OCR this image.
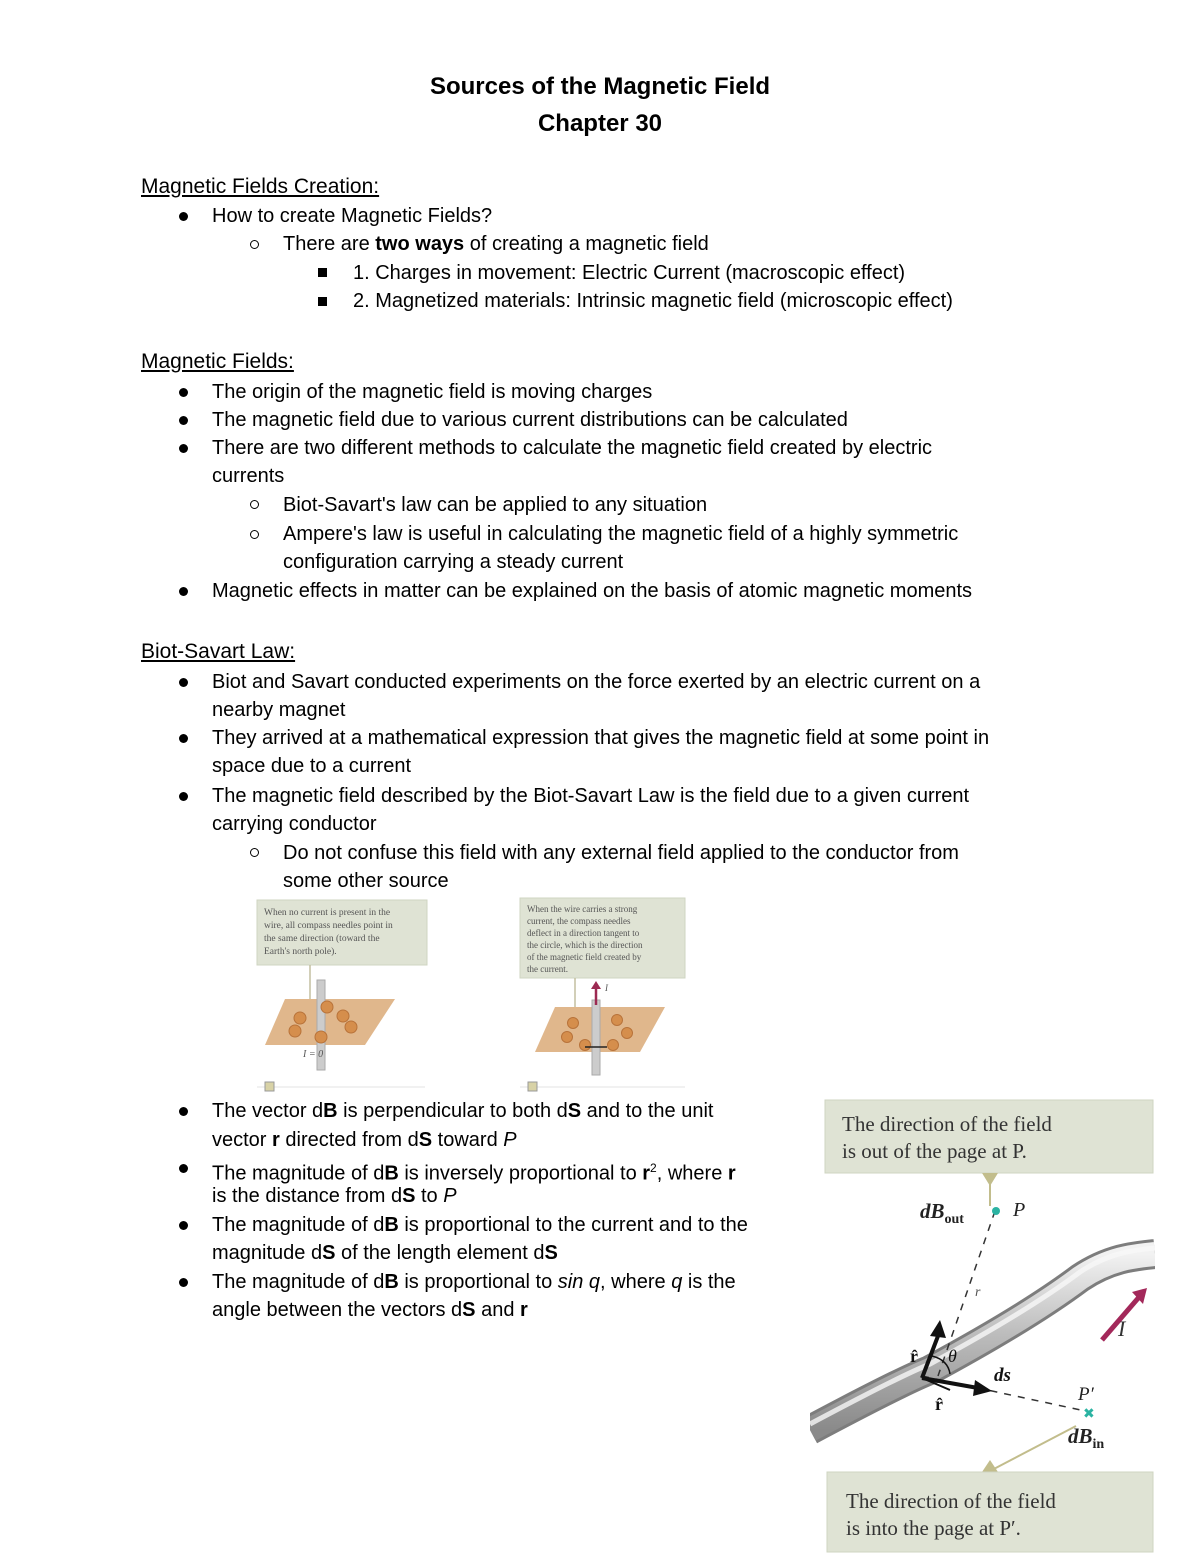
Sources of the Magnetic Field
Chapter 30
Magnetic Fields Creation:
How to create Magnetic Fields?
There are two ways of creating a magnetic field
1. Charges in movement: Electric Current (macroscopic effect)
2. Magnetized materials: Intrinsic magnetic field (microscopic effect)
Magnetic Fields:
The origin of the magnetic field is moving charges
The magnetic field due to various current distributions can be calculated
There are two different methods to calculate the magnetic field created by electric
currents
Biot-Savart's law can be applied to any situation
Ampere's law is useful in calculating the magnetic field of a highly symmetric
configuration carrying a steady current
Magnetic effects in matter can be explained on the basis of atomic magnetic moments
Biot-Savart Law:
Biot and Savart conducted experiments on the force exerted by an electric current on a
nearby magnet
They arrived at a mathematical expression that gives the magnetic field at some point in
space due to a current
The magnetic field described by the Biot-Savart Law is the field due to a given current
carrying conductor
Do not confuse this field with any external field applied to the conductor from
some other source
When no current is present in the
wire, all compass needles point in
the same direction (toward the
Earth's north pole).
I = 0
When the wire carries a strong
current, the compass needles
deflect in a direction tangent to
the circle, which is the direction
of the magnetic field created by
the current.
I
The vector dB is perpendicular to both dS and to the unit
vector r directed from dS toward P
The magnitude of dB is inversely proportional to $r^2$, where r
is the distance from dS to P
The magnitude of dB is proportional to the current and to the
magnitude dS of the length element dS
The magnitude of dB is proportional to sin q, where q is the
angle between the vectors dS and r
The direction of the field
is out of the page at P.
$dB_{out}$ P
r
I
θ
r̂
r̂
ds
P′
✖
$dB_{in}$
The direction of the field
is into the page at P′.
